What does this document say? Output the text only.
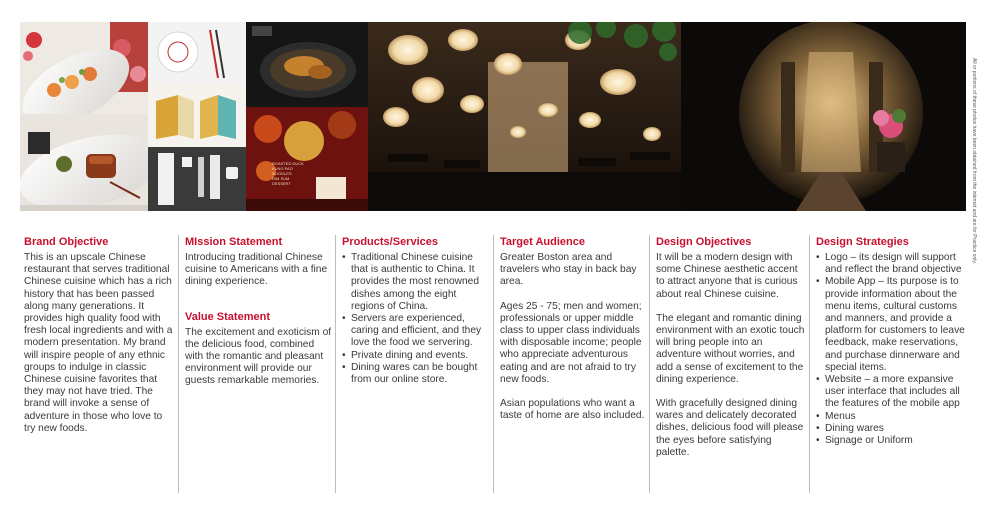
ROASTED DUCK
KUNG PAO
NOODLES
DIM SUM
DESSERT	All or portions of these photos have been obtained from the internet and are for Practice only.
Brand Objective
This is an upscale Chinese restaurant that serves traditional Chinese cuisine which has a rich history that has been passed along many generations. It provides high quality food with fresh local ingredients and with a modern presentation. My brand will inspire people of any ethnic groups to indulge in classic Chinese cuisine favorites that they may not have tried. The brand will invoke a sense of adventure in those who love to try new foods.
MIssion Statement
Introducing traditional Chinese cuisine to Americans with a fine dining experience.
Value Statement
The excitement and exoticism of the delicious food, combined with the romantic and pleasant environment will provide our guests remarkable memories.
Products/Services
• Traditional Chinese cuisine that is authentic to China. It provides the most renowned dishes among the eight regions of China.
• Servers are experienced, caring and efficient, and they love the food we servering.
• Private dining and events.
• Dining wares can be bought from our online store.
Target Audience
Greater Boston area and travelers who stay in back bay area.
Ages 25 - 75; men and women; professionals or upper middle class to upper class individuals with disposable income; people who appreciate adventurous eating and are not afraid to try new foods.
Asian populations who want a taste of home are also included.
Design Objectives
It will be a modern design with some Chinese aesthetic accent to attract anyone that is curious about real Chinese cuisine.
The elegant and romantic dining environment with an exotic touch will bring people into an adventure without worries, and add a sense of excitement to the dining experience.
With gracefully designed dining wares and delicately decorated dishes, delicious food will please the eyes before satisfying palette.
Design Strategies
• Logo – its design will support and reflect the brand objective
• Mobile App – Its purpose is to provide information about the menu items, cultural customs and manners, and provide a platform for customers to leave feedback, make reservations, and purchase dinnerware and special items.
• Website – a more expansive user interface that includes all the features of the mobile app
• Menus
• Dining wares
• Signage or Uniform
